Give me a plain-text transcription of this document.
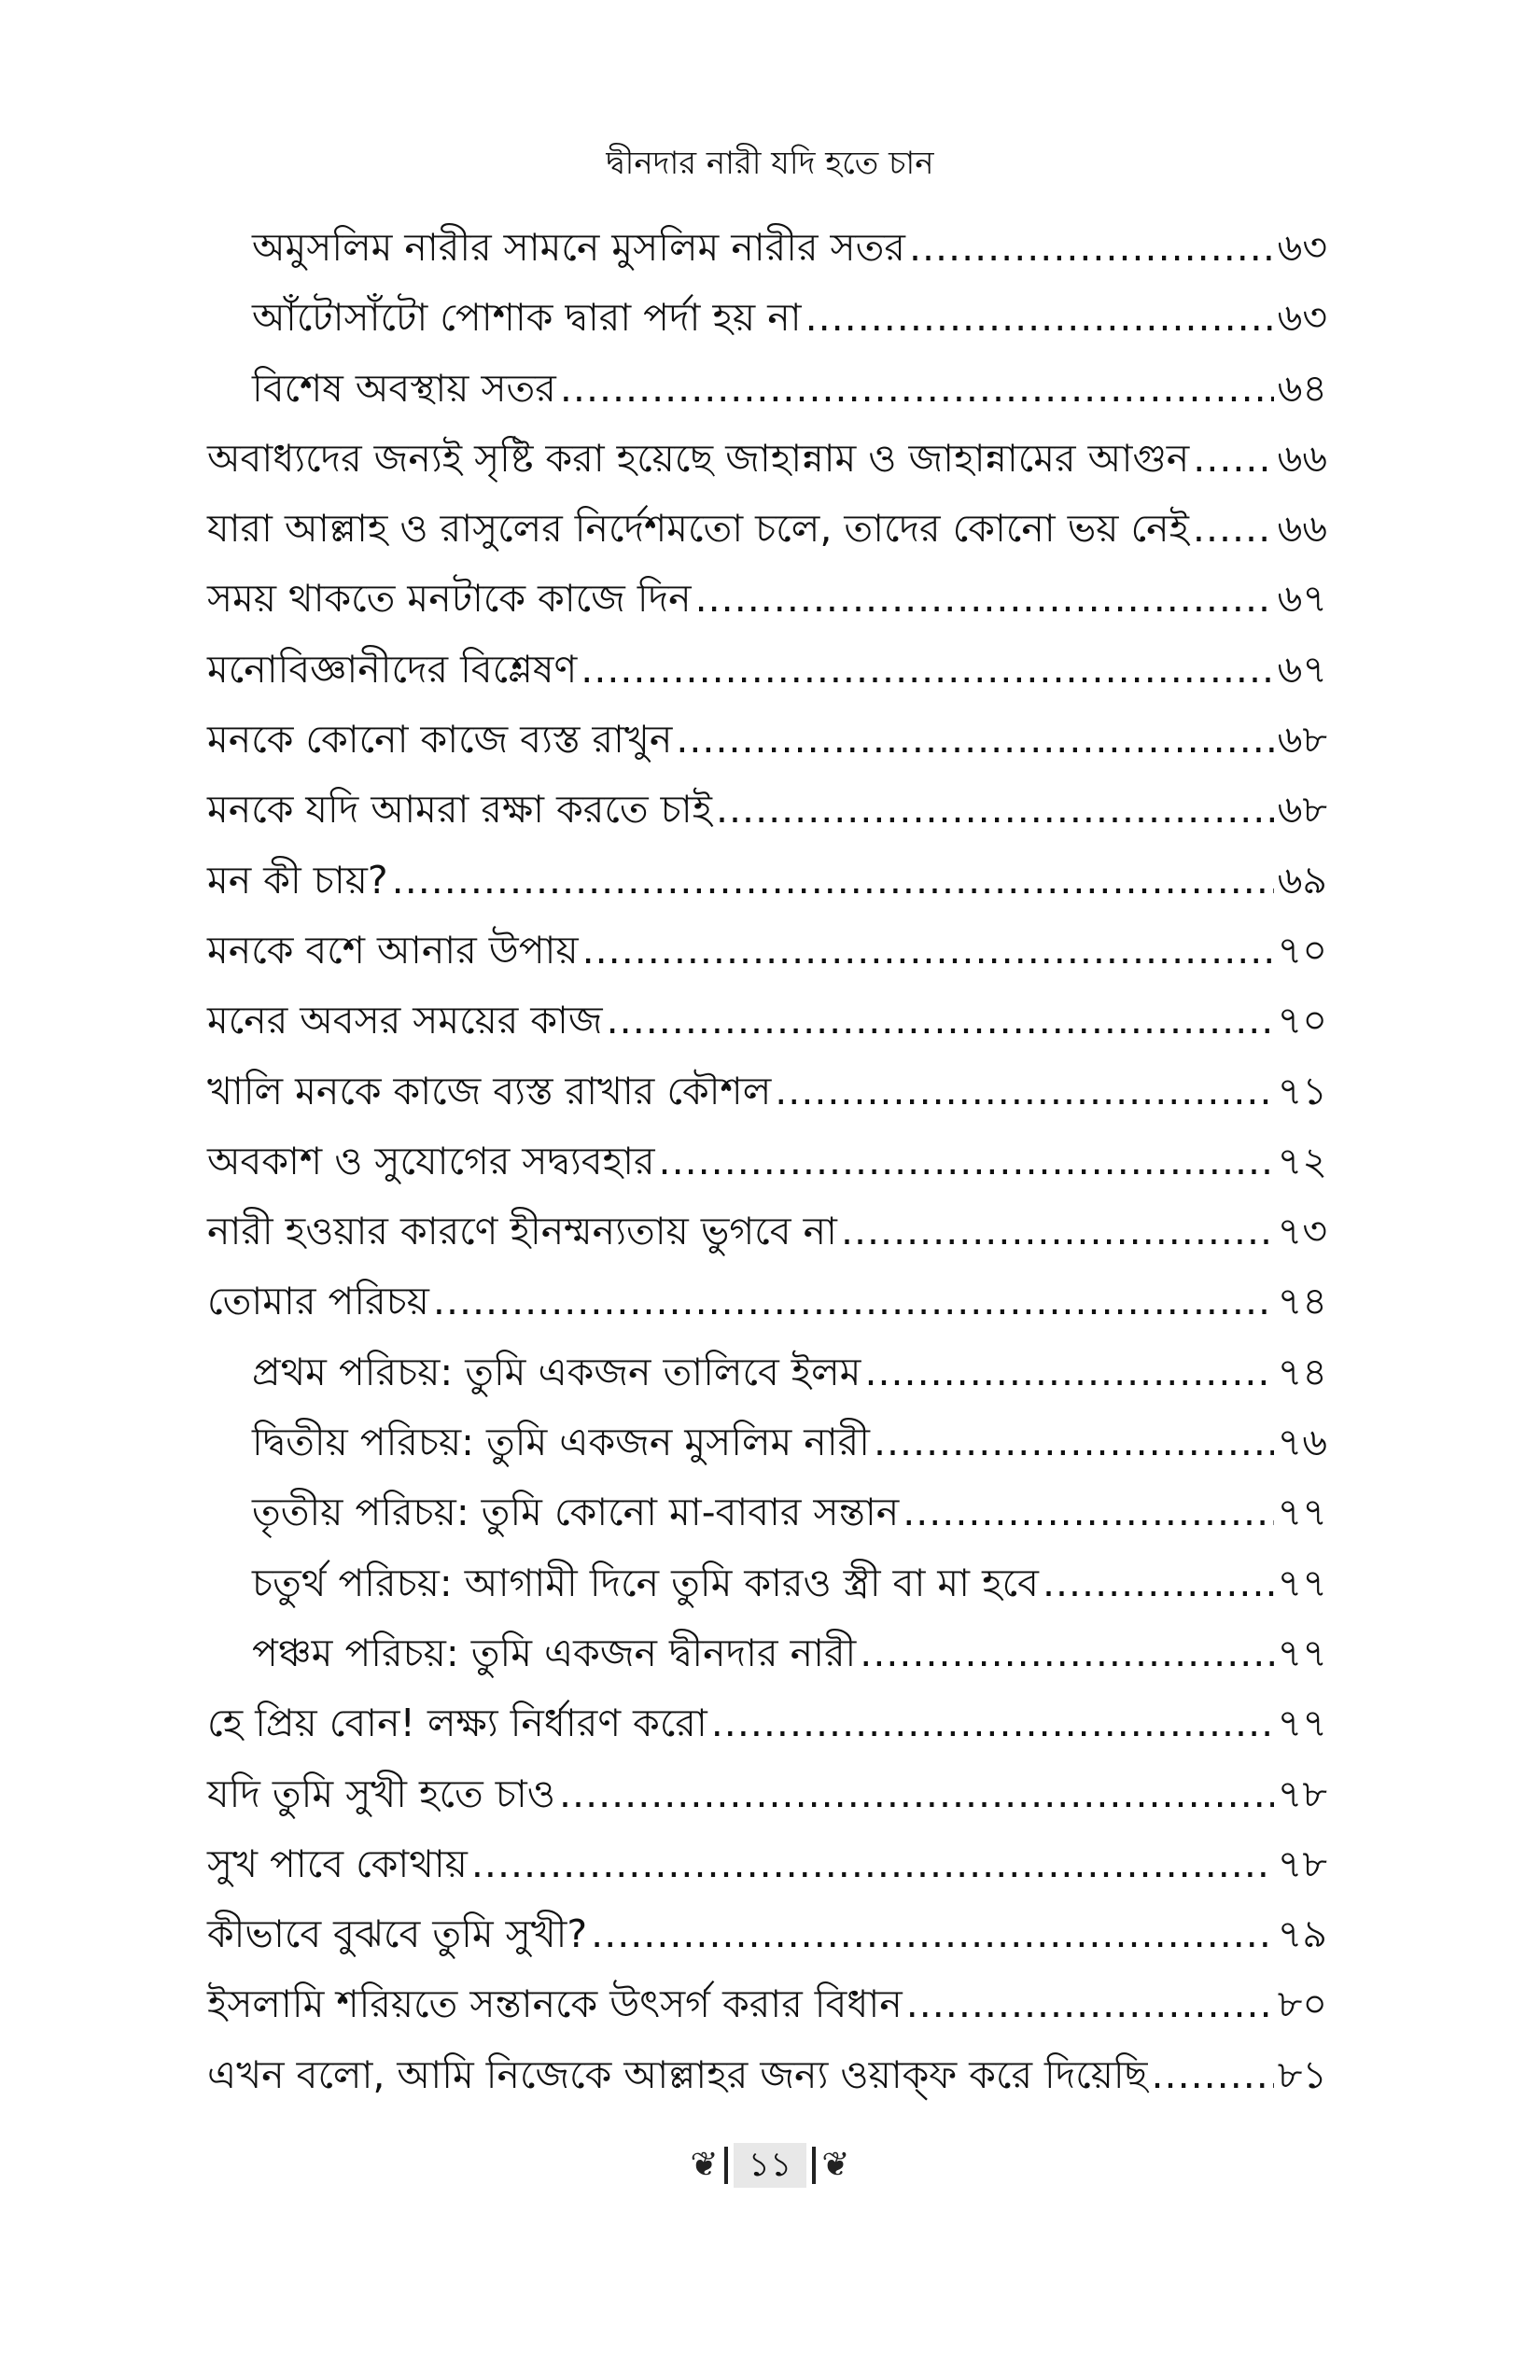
দ্বীনদার নারী যদি হতে চান
অমুসলিম নারীর সামনে মুসলিম নারীর সতর .....	৬৩
আঁটোসাঁটো পোশাক দ্বারা পর্দা হয় না .....	৬৩
বিশেষ অবস্থায় সতর .....	৬৪
অবাধ্যদের জন্যই সৃষ্টি করা হয়েছে জাহান্নাম ও জাহান্নামের আগুন ..... ৬৬
যারা আল্লাহ ও রাসুলের নির্দেশমতো চলে, তাদের কোনো ভয় নেই ..... ৬৬
সময় থাকতে মনটাকে কাজে দিন .....	৬৭
মনোবিজ্ঞানীদের বিশ্লেষণ .....	৬৭
মনকে কোনো কাজে ব্যস্ত রাখুন .....	৬৮
মনকে যদি আমরা রক্ষা করতে চাই .....	৬৮
মন কী চায়? .....	৬৯
মনকে বশে আনার উপায় .....	৭০
মনের অবসর সময়ের কাজ .....	৭০
খালি মনকে কাজে ব্যস্ত রাখার কৌশল .....	৭১
অবকাশ ও সুযোগের সদ্ব্যবহার .....	৭২
নারী হওয়ার কারণে হীনম্মন্যতায় ভুগবে না .....	৭৩
তোমার পরিচয় .....	৭৪
প্রথম পরিচয়: তুমি একজন তালিবে ইলম .....	৭৪
দ্বিতীয় পরিচয়: তুমি একজন মুসলিম নারী .....	৭৬
তৃতীয় পরিচয়: তুমি কোনো মা-বাবার সন্তান .....	৭৭
চতুর্থ পরিচয়: আগামী দিনে তুমি কারও স্ত্রী বা মা হবে .....	৭৭
পঞ্চম পরিচয়: তুমি একজন দ্বীনদার নারী .....	৭৭
হে প্রিয় বোন! লক্ষ্য নির্ধারণ করো .....	৭৭
যদি তুমি সুখী হতে চাও .....	৭৮
সুখ পাবে কোথায় .....	৭৮
কীভাবে বুঝবে তুমি সুখী? .....	৭৯
ইসলামি শরিয়তে সন্তানকে উৎসর্গ করার বিধান .....	৮০
এখন বলো, আমি নিজেকে আল্লাহর জন্য ওয়াক্ফ করে দিয়েছি .....	৮১
❦ ১১ ❦
